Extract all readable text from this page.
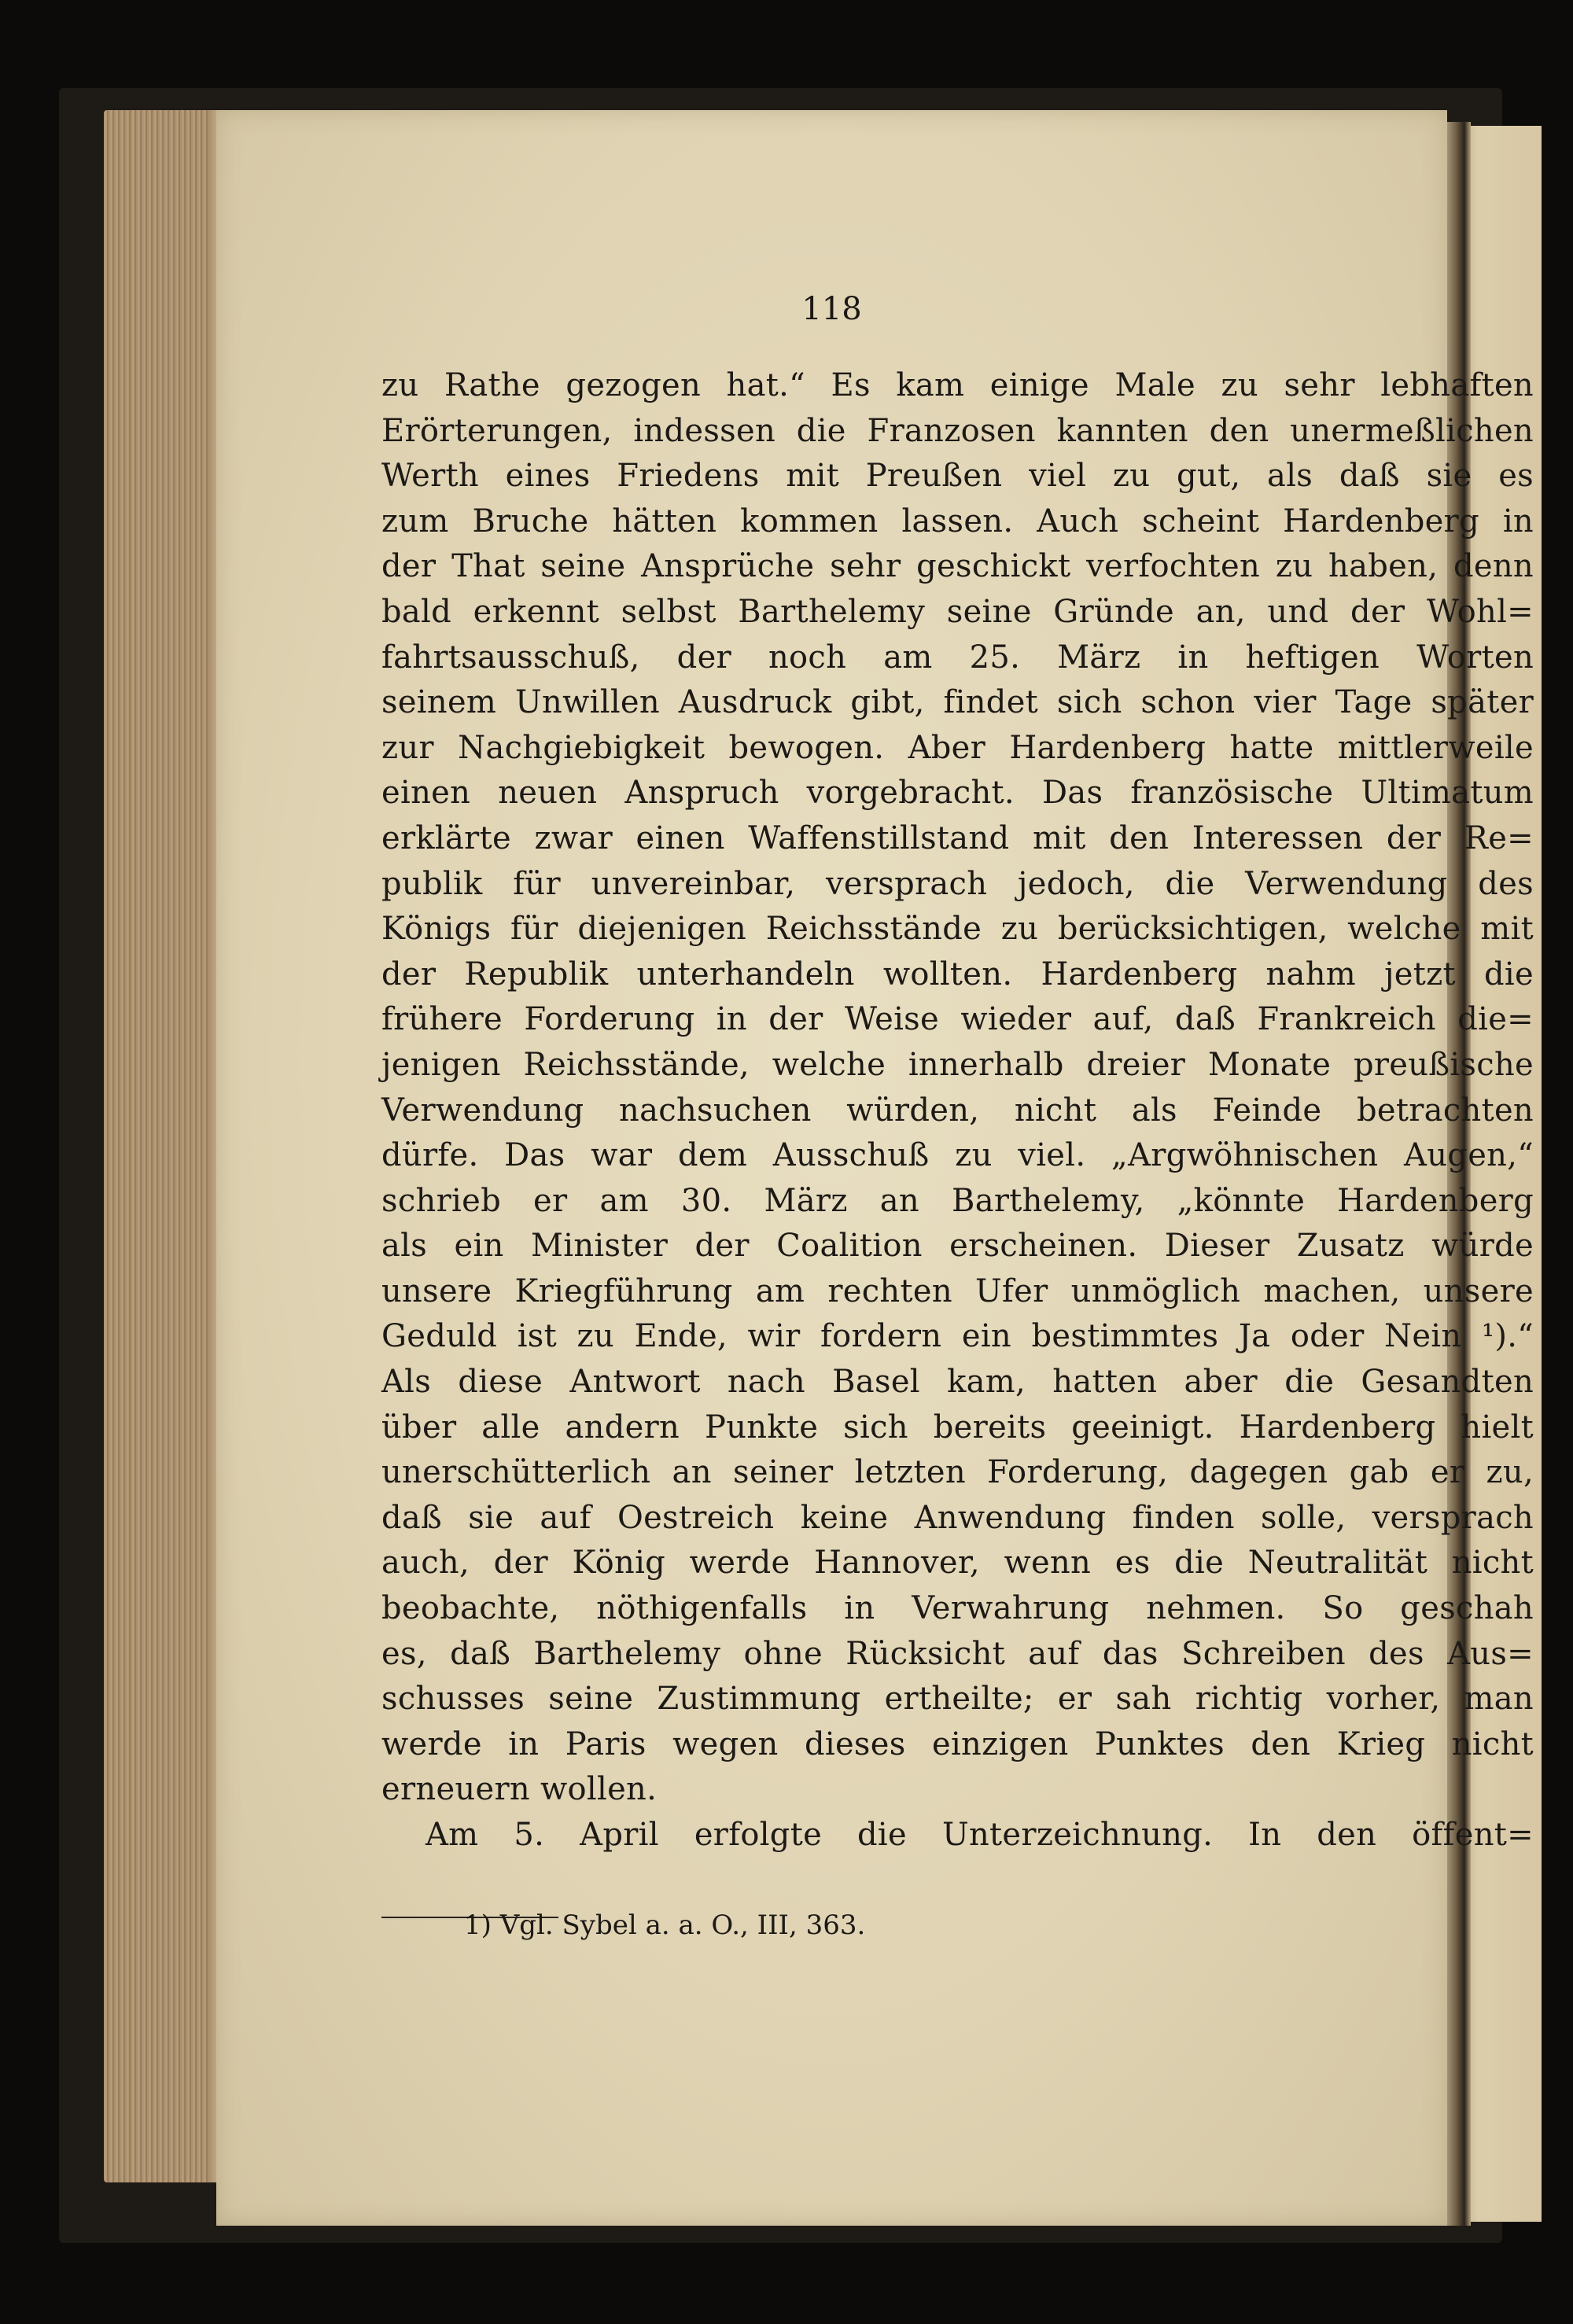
118
zu Rathe gezogen hat.“ Es kam einige Male zu sehr lebhaften
Erörterungen, indessen die Franzosen kannten den unermeßlichen
Werth eines Friedens mit Preußen viel zu gut, als daß sie es
zum Bruche hätten kommen lassen. Auch scheint Hardenberg in
der That seine Ansprüche sehr geschickt verfochten zu haben, denn
bald erkennt selbst Barthelemy seine Gründe an, und der Wohl=
fahrtsausschuß, der noch am 25. März in heftigen Worten
seinem Unwillen Ausdruck gibt, findet sich schon vier Tage später
zur Nachgiebigkeit bewogen. Aber Hardenberg hatte mittlerweile
einen neuen Anspruch vorgebracht. Das französische Ultimatum
erklärte zwar einen Waffenstillstand mit den Interessen der Re=
publik für unvereinbar, versprach jedoch, die Verwendung des
Königs für diejenigen Reichsstände zu berücksichtigen, welche mit
der Republik unterhandeln wollten. Hardenberg nahm jetzt die
frühere Forderung in der Weise wieder auf, daß Frankreich die=
jenigen Reichsstände, welche innerhalb dreier Monate preußische
Verwendung nachsuchen würden, nicht als Feinde betrachten
dürfe. Das war dem Ausschuß zu viel. „Argwöhnischen Augen,“
schrieb er am 30. März an Barthelemy, „könnte Hardenberg
als ein Minister der Coalition erscheinen. Dieser Zusatz würde
unsere Kriegführung am rechten Ufer unmöglich machen, unsere
Geduld ist zu Ende, wir fordern ein bestimmtes Ja oder Nein ¹).“
Als diese Antwort nach Basel kam, hatten aber die Gesandten
über alle andern Punkte sich bereits geeinigt. Hardenberg hielt
unerschütterlich an seiner letzten Forderung, dagegen gab er zu,
daß sie auf Oestreich keine Anwendung finden solle, versprach
auch, der König werde Hannover, wenn es die Neutralität nicht
beobachte, nöthigenfalls in Verwahrung nehmen. So geschah
es, daß Barthelemy ohne Rücksicht auf das Schreiben des Aus=
schusses seine Zustimmung ertheilte; er sah richtig vorher, man
werde in Paris wegen dieses einzigen Punktes den Krieg nicht
erneuern wollen.
Am 5. April erfolgte die Unterzeichnung. In den öffent=
1) Vgl. Sybel a. a. O., III, 363.
